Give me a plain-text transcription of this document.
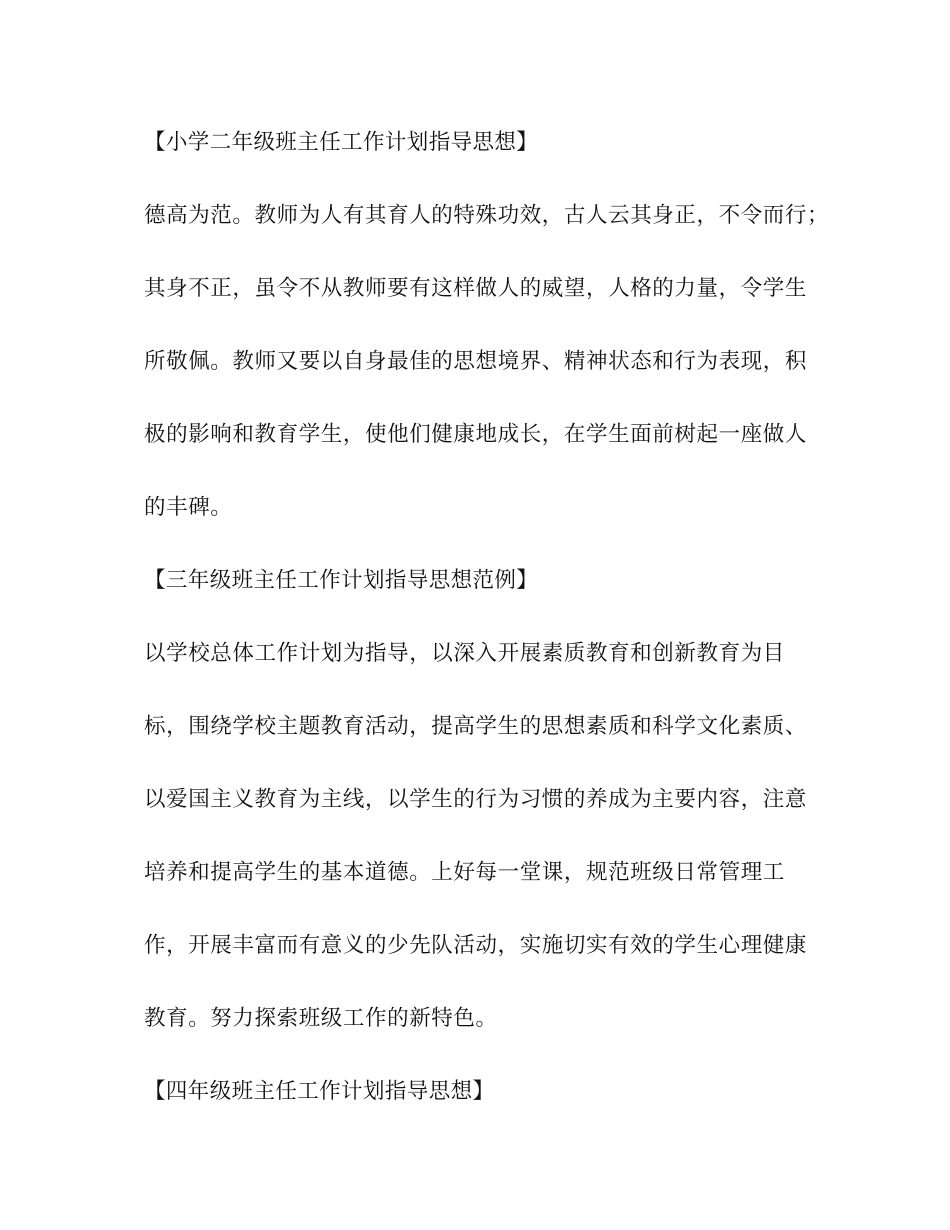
【小学二年级班主任工作计划指导思想】
德高为范。教师为人有其育人的特殊功效，古人云其身正，不令而行；
其身不正，虽令不从教师要有这样做人的威望，人格的力量，令学生
所敬佩。教师又要以自身最佳的思想境界、精神状态和行为表现，积
极的影响和教育学生，使他们健康地成长，在学生面前树起一座做人
的丰碑。
【三年级班主任工作计划指导思想范例】
以学校总体工作计划为指导，以深入开展素质教育和创新教育为目
标，围绕学校主题教育活动，提高学生的思想素质和科学文化素质、
以爱国主义教育为主线，以学生的行为习惯的养成为主要内容，注意
培养和提高学生的基本道德。上好每一堂课，规范班级日常管理工
作，开展丰富而有意义的少先队活动，实施切实有效的学生心理健康
教育。努力探索班级工作的新特色。
【四年级班主任工作计划指导思想】
